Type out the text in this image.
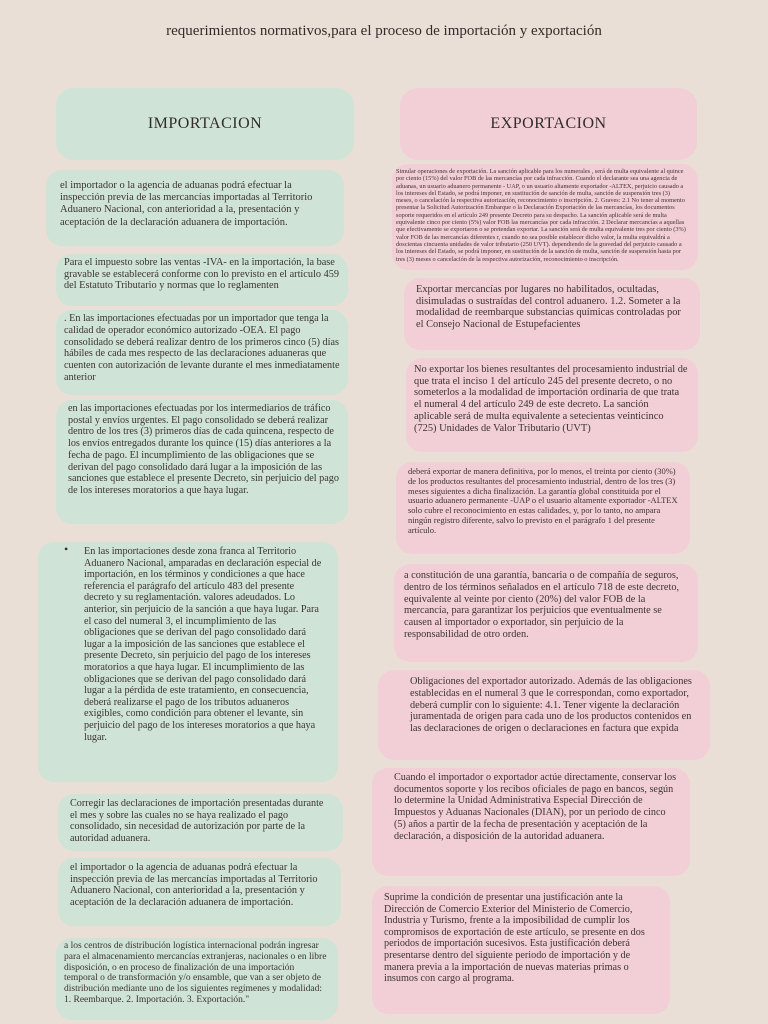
requerimientos normativos,para el proceso de importación y exportación
IMPORTACION	EXPORTACION

el importador o la agencia de aduanas podrá efectuar la inspección previa de las mercancías importadas al Territorio Aduanero Nacional, con anterioridad a la, presentación y aceptación de la declaración aduanera de importación.

Para el impuesto sobre las ventas -IVA- en la importación, la base gravable se establecerá conforme con lo previsto en el artículo 459 del Estatuto Tributario y normas que lo reglamenten

. En las importaciones efectuadas por un importador que tenga la calidad de operador económico autorizado -OEA. El pago consolidado se deberá realizar dentro de los primeros cinco (5) días hábiles de cada mes respecto de las declaraciones aduaneras que cuenten con autorización de levante durante el mes inmediatamente anterior

en las importaciones efectuadas por los intermediarios de tráfico postal y envíos urgentes. El pago consolidado se deberá realizar dentro de los tres (3) primeros días de cada quincena, respecto de los envíos entregados durante los quince (15) días anteriores a la fecha de pago. El incumplimiento de las obligaciones que se derivan del pago consolidado dará lugar a la imposición de las sanciones que establece el presente Decreto, sin perjuicio del pago de los intereses moratorios a que haya lugar.

• En las importaciones desde zona franca al Territorio Aduanero Nacional, amparadas en declaración especial de importación, en los términos y condiciones a que hace referencia el parágrafo del artículo 483 del presente decreto y su reglamentación. valores adeudados. Lo anterior, sin perjuicio de la sanción a que haya lugar. Para el caso del numeral 3, el incumplimiento de las obligaciones que se derivan del pago consolidado dará lugar a la imposición de las sanciones que establece el presente Decreto, sin perjuicio del pago de los intereses moratorios a que haya lugar. El incumplimiento de las obligaciones que se derivan del pago consolidado dará lugar a la pérdida de este tratamiento, en consecuencia, deberá realizarse el pago de los tributos aduaneros exigibles, como condición para obtener el levante, sin perjuicio del pago de los intereses moratorios a que haya lugar.

Corregir las declaraciones de importación presentadas durante el mes y sobre las cuales no se haya realizado el pago consolidado, sin necesidad de autorización por parte de la autoridad aduanera.

el importador o la agencia de aduanas podrá efectuar la inspección previa de las mercancías importadas al Territorio Aduanero Nacional, con anterioridad a la, presentación y aceptación de la declaración aduanera de importación.

a los centros de distribución logística internacional podrán ingresar para el almacenamiento mercancías extranjeras, nacionales o en libre disposición, o en proceso de finalización de una importación temporal o de transformación y/o ensamble, que van a ser objeto de distribución mediante uno de los siguientes regímenes y modalidad: 1. Reembarque. 2. Importación. 3. Exportación."

Simular operaciones de exportación. La sanción aplicable para los numerales , será de multa equivalente al quince por ciento (15%) del valor FOB de las mercancías por cada infracción. Cuando el declarante sea una agencia de aduanas, un usuario aduanero permanente - UAP, o un usuario altamente exportador -ALTEX, perjuicio causado a los intereses del Estado, se podrá imponer, en sustitución de sanción de multa, sanción de suspensión tres (3) meses, o cancelación la respectiva autorización, reconocimiento o inscripción. 2. Graves: 2.1 No tener al momento presentar la Solicitud Autorización Embarque o la Declaración Exportación de las mercancías, los documentos soporte requeridos en el artículo 249 presente Decreto para su despacho. La sanción aplicable será de multa equivalente cinco por ciento (5%) valor FOB las mercancías por cada infracción. 2 Declarar mercancías a aquellas que efectivamente se exportaron o se pretendan exportar. La sanción será de multa equivalente tres por ciento (3%) valor FOB de las mercancías diferentes r, cuando no sea posible establecer dicho valor, la multa equivaldrá a doscientas cincuenta unidades de valor tributario (250 UVT). dependiendo de la gravedad del perjuicio causado a los intereses del Estado, se podrá imponer, en sustitución de la sanción de multa, sanción de suspensión hasta por tres (3) meses o cancelación de la respectiva autorización, reconocimiento o inscripción.

Exportar mercancías por lugares no habilitados, ocultadas, disimuladas o sustraídas del control aduanero. 1.2. Someter a la modalidad de reembarque substancias químicas controladas por el Consejo Nacional de Estupefacientes

No exportar los bienes resultantes del procesamiento industrial de que trata el inciso 1 del artículo 245 del presente decreto, o no someterlos a la modalidad de importación ordinaria de que trata el numeral 4 del artículo 249 de este decreto. La sanción aplicable será de multa equivalente a setecientas veinticinco (725) Unidades de Valor Tributario (UVT)

deberá exportar de manera definitiva, por lo menos, el treinta por ciento (30%) de los productos resultantes del procesamiento industrial, dentro de los tres (3) meses siguientes a dicha finalización. La garantía global constituida por el usuario aduanero permanente -UAP o el usuario altamente exportador -ALTEX solo cubre el reconocimiento en estas calidades, y, por lo tanto, no ampara ningún registro diferente, salvo lo previsto en el parágrafo 1 del presente artículo.

a constitución de una garantía, bancaria o de compañía de seguros, dentro de los términos señalados en el artículo 718 de este decreto, equivalente al veinte por ciento (20%) del valor FOB de la mercancía, para garantizar los perjuicios que eventualmente se causen al importador o exportador, sin perjuicio de la responsabilidad de otro orden.

Obligaciones del exportador autorizado. Además de las obligaciones establecidas en el numeral 3 que le correspondan, como exportador, deberá cumplir con lo siguiente: 4.1. Tener vigente la declaración juramentada de origen para cada uno de los productos contenidos en las declaraciones de origen o declaraciones en factura que expida

Cuando el importador o exportador actúe directamente, conservar los documentos soporte y los recibos oficiales de pago en bancos, según lo determine la Unidad Administrativa Especial Dirección de Impuestos y Aduanas Nacionales (DIAN), por un periodo de cinco (5) años a partir de la fecha de presentación y aceptación de la declaración, a disposición de la autoridad aduanera.

Suprime la condición de presentar una justificación ante la Dirección de Comercio Exterior del Ministerio de Comercio, Industria y Turismo, frente a la imposibilidad de cumplir los compromisos de exportación de este artículo, se presente en dos periodos de importación sucesivos. Esta justificación deberá presentarse dentro del siguiente periodo de importación y de manera previa a la importación de nuevas materias primas o insumos con cargo al programa.
